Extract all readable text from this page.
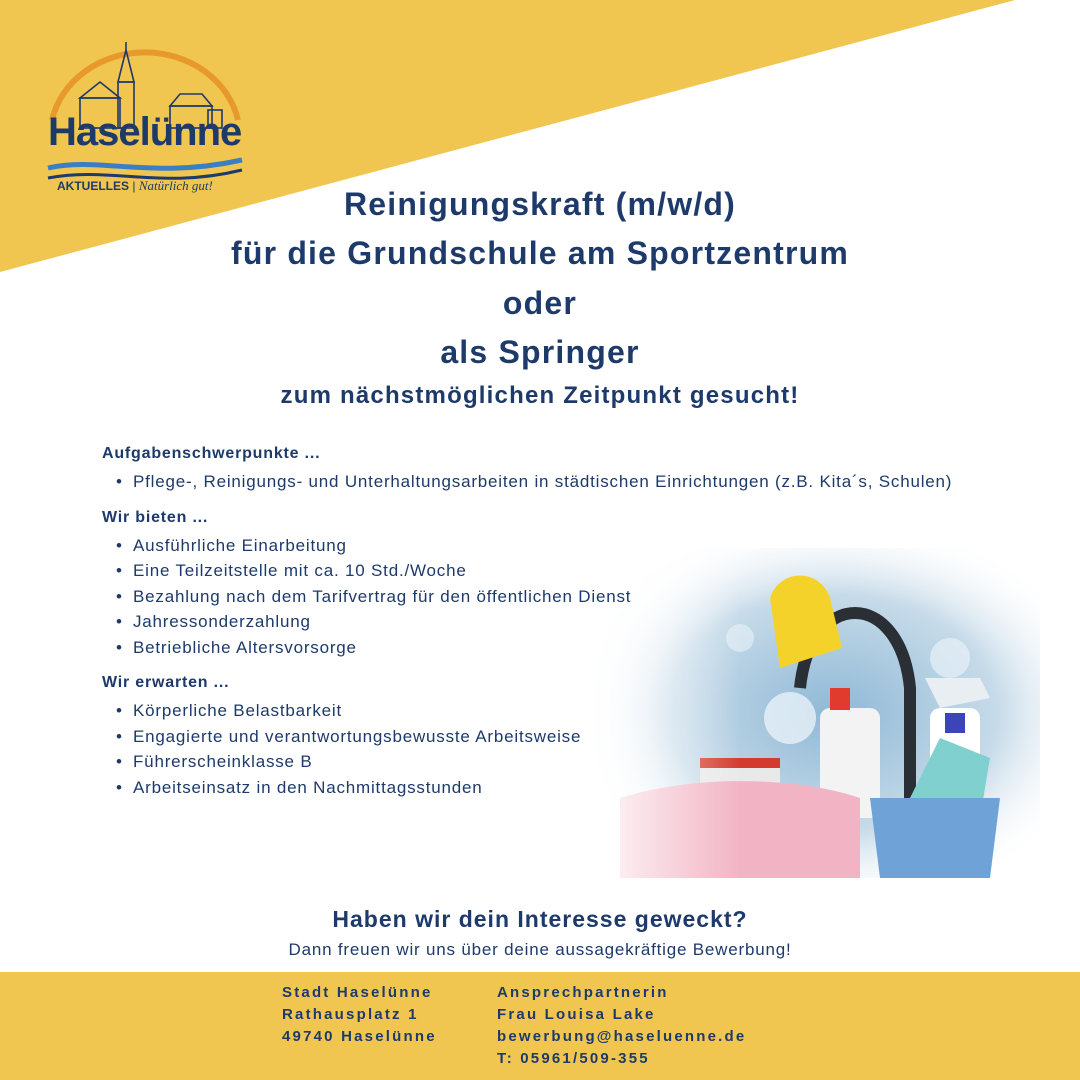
Haselünne
AKTUELLES | Natürlich gut!
Reinigungskraft (m/w/d)
für die Grundschule am Sportzentrum
oder
als Springer
zum nächstmöglichen Zeitpunkt gesucht!
Aufgabenschwerpunkte ...
• Pflege-, Reinigungs- und Unterhaltungsarbeiten in städtischen Einrichtungen (z.B. Kita´s, Schulen)
Wir bieten ...
• Ausführliche Einarbeitung
• Eine Teilzeitstelle mit ca. 10 Std./Woche
• Bezahlung nach dem Tarifvertrag für den öffentlichen Dienst
• Jahressonderzahlung
• Betriebliche Altersvorsorge
Wir erwarten ...
• Körperliche Belastbarkeit
• Engagierte und verantwortungsbewusste Arbeitsweise
• Führerscheinklasse B
• Arbeitseinsatz in den Nachmittagsstunden
Haben wir dein Interesse geweckt?
Dann freuen wir uns über deine aussagekräftige Bewerbung!
Stadt Haselünne
Rathausplatz 1
49740 Haselünne
Ansprechpartnerin
Frau Louisa Lake
bewerbung@haseluenne.de
T: 05961/509-355
